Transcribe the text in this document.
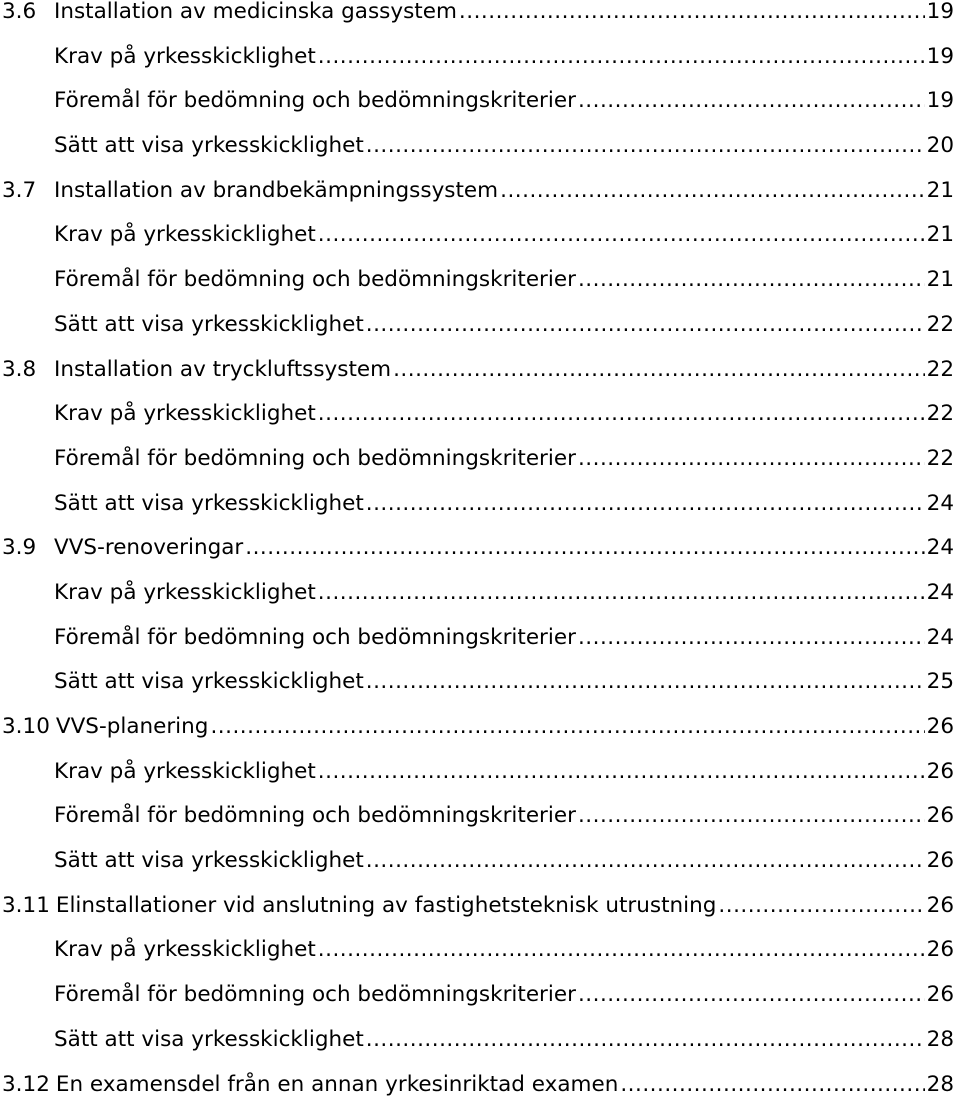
3.6 Installation av medicinska gassystem .....	19
Krav på yrkesskicklighet .....	19
Föremål för bedömning och bedömningskriterier .....	19
Sätt att visa yrkesskicklighet .....	20
3.7 Installation av brandbekämpningssystem .....	21
Krav på yrkesskicklighet .....	21
Föremål för bedömning och bedömningskriterier .....	21
Sätt att visa yrkesskicklighet .....	22
3.8 Installation av tryckluftssystem .....	22
Krav på yrkesskicklighet .....	22
Föremål för bedömning och bedömningskriterier .....	22
Sätt att visa yrkesskicklighet .....	24
3.9 VVS-renoveringar .....	24
Krav på yrkesskicklighet .....	24
Föremål för bedömning och bedömningskriterier .....	24
Sätt att visa yrkesskicklighet .....	25
3.10 VVS-planering .....	26
Krav på yrkesskicklighet .....	26
Föremål för bedömning och bedömningskriterier .....	26
Sätt att visa yrkesskicklighet .....	26
3.11 Elinstallationer vid anslutning av fastighetsteknisk utrustning .....	26
Krav på yrkesskicklighet .....	26
Föremål för bedömning och bedömningskriterier .....	26
Sätt att visa yrkesskicklighet .....	28
3.12 En examensdel från en annan yrkesinriktad examen .....	28
